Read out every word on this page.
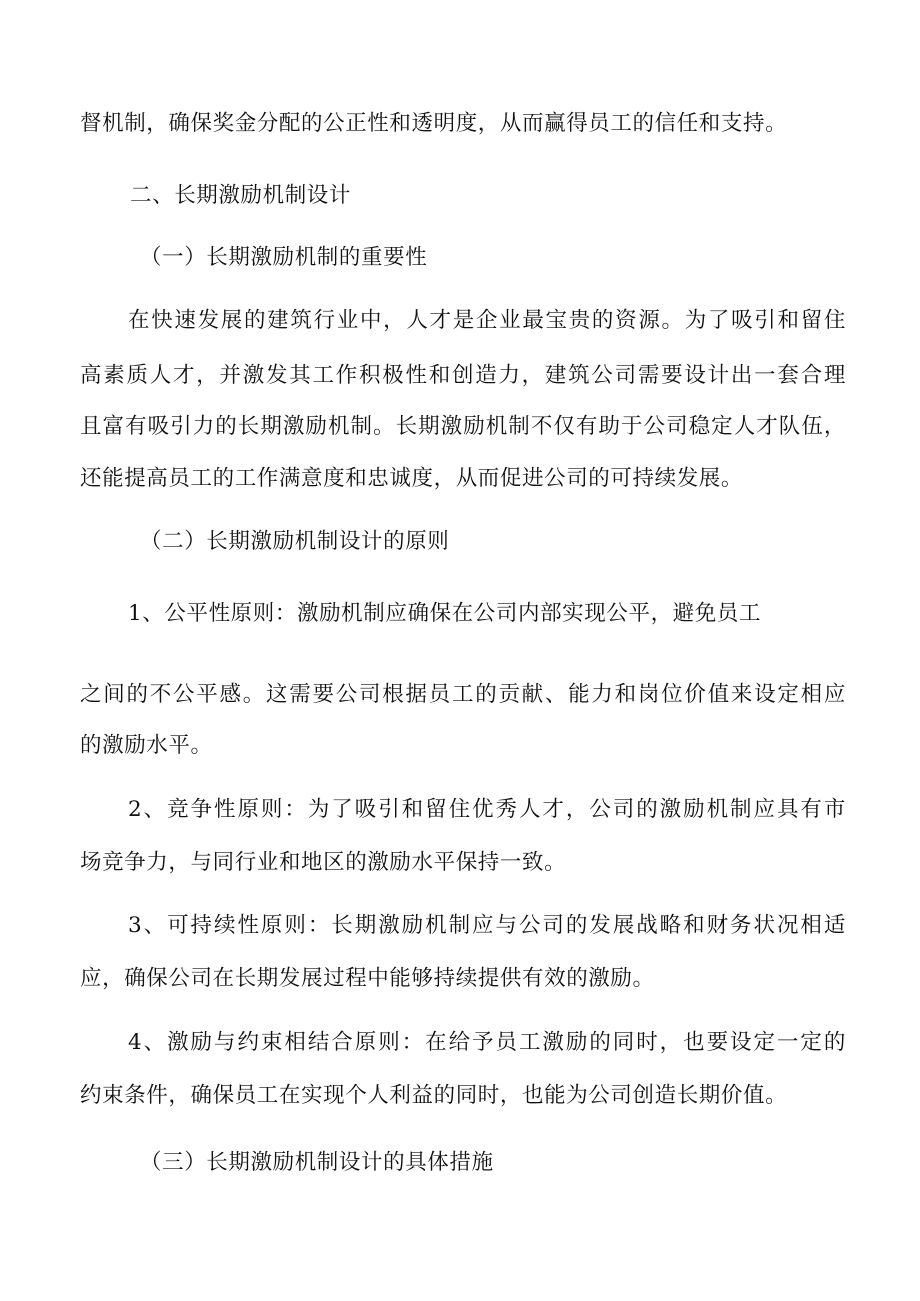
督机制，确保奖金分配的公正性和透明度，从而赢得员工的信任和支持。
二、长期激励机制设计
（一）长期激励机制的重要性
在快速发展的建筑行业中，人才是企业最宝贵的资源。为了吸引和留住
高素质人才，并激发其工作积极性和创造力，建筑公司需要设计出一套合理
且富有吸引力的长期激励机制。长期激励机制不仅有助于公司稳定人才队伍，
还能提高员工的工作满意度和忠诚度，从而促进公司的可持续发展。
（二）长期激励机制设计的原则
1、公平性原则：激励机制应确保在公司内部实现公平，避免员工
之间的不公平感。这需要公司根据员工的贡献、能力和岗位价值来设定相应
的激励水平。
2、竞争性原则：为了吸引和留住优秀人才，公司的激励机制应具有市
场竞争力，与同行业和地区的激励水平保持一致。
3、可持续性原则：长期激励机制应与公司的发展战略和财务状况相适
应，确保公司在长期发展过程中能够持续提供有效的激励。
4、激励与约束相结合原则：在给予员工激励的同时，也要设定一定的
约束条件，确保员工在实现个人利益的同时，也能为公司创造长期价值。
（三）长期激励机制设计的具体措施
